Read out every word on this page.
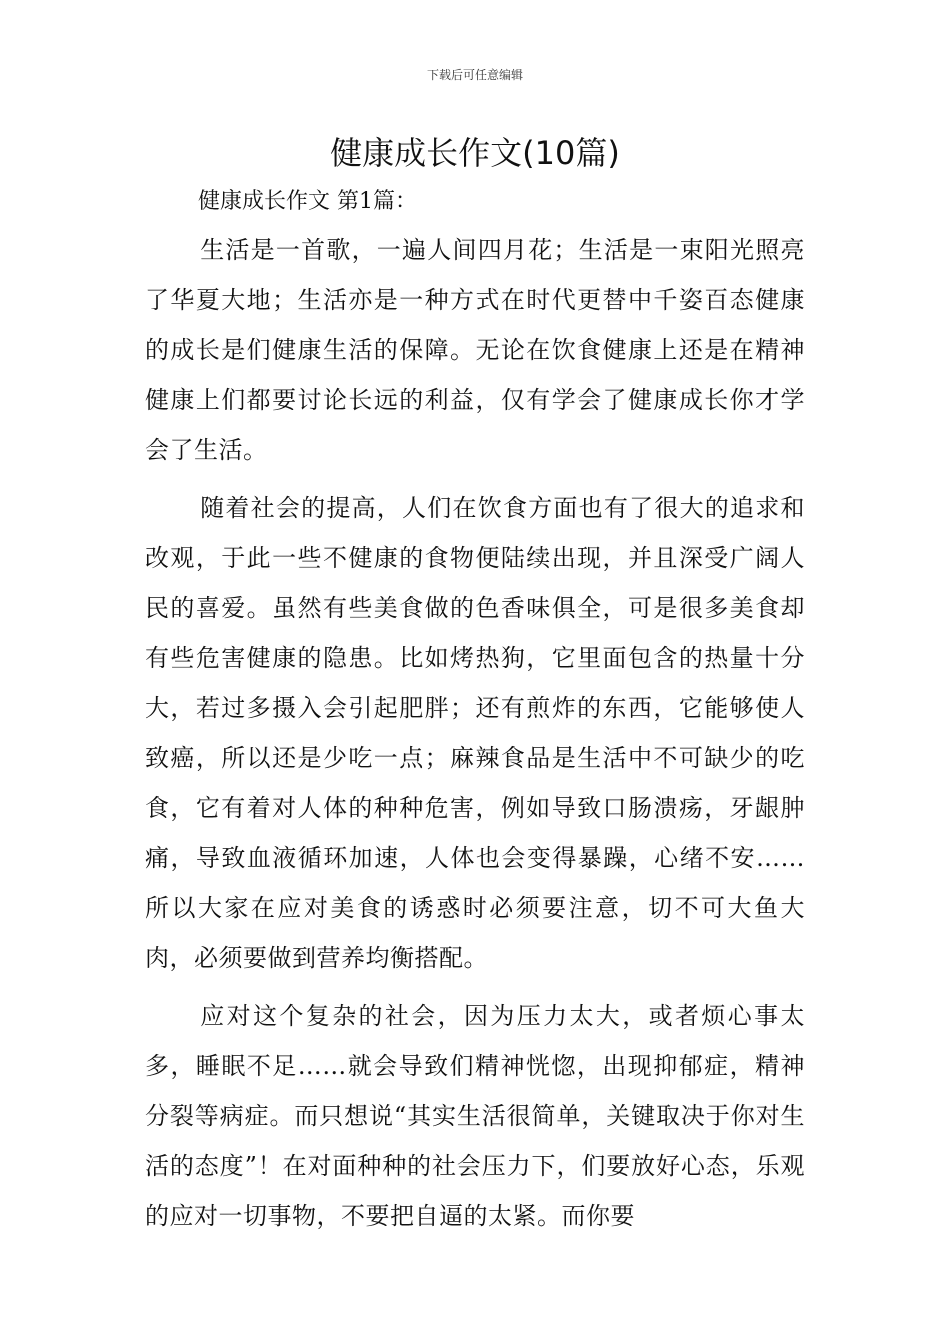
下载后可任意编辑
健康成长作文(10篇)
健康成长作文 第1篇：

生活是一首歌，一遍人间四月花；生活是一束阳光照亮了华夏大地；生活亦是一种方式在时代更替中千姿百态健康的成长是们健康生活的保障。无论在饮食健康上还是在精神健康上们都要讨论长远的利益，仅有学会了健康成长你才学会了生活。

随着社会的提高，人们在饮食方面也有了很大的追求和改观，于此一些不健康的食物便陆续出现，并且深受广阔人民的喜爱。虽然有些美食做的色香味俱全，可是很多美食却有些危害健康的隐患。比如烤热狗，它里面包含的热量十分大，若过多摄入会引起肥胖；还有煎炸的东西，它能够使人致癌，所以还是少吃一点；麻辣食品是生活中不可缺少的吃食，它有着对人体的种种危害，例如导致口肠溃疡，牙龈肿痛，导致血液循环加速，人体也会变得暴躁，心绪不安……所以大家在应对美食的诱惑时必须要注意，切不可大鱼大肉，必须要做到营养均衡搭配。

应对这个复杂的社会，因为压力太大，或者烦心事太多，睡眠不足……就会导致们精神恍惚，出现抑郁症，精神分裂等病症。而只想说“其实生活很简单，关键取决于你对生活的态度”！在对面种种的社会压力下，们要放好心态，乐观的应对一切事物，不要把自逼的太紧。而你要
